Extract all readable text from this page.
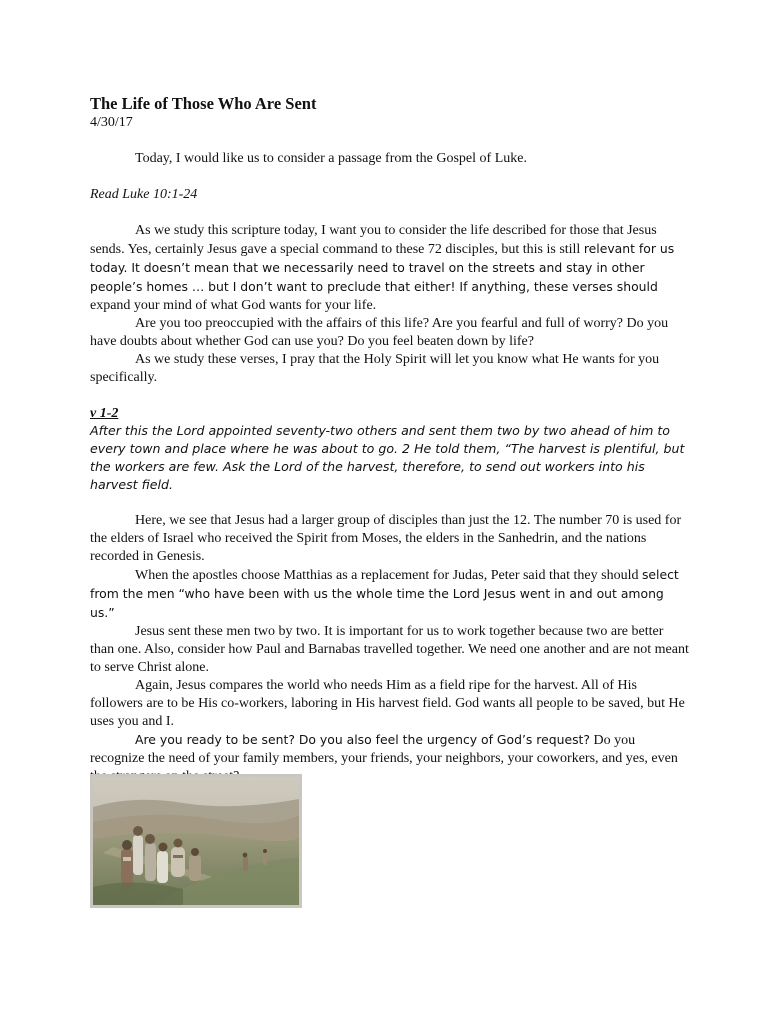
The Life of Those Who Are Sent

4/30/17

Today, I would like us to consider a passage from the Gospel of Luke.

Read Luke 10:1-24

As we study this scripture today, I want you to consider the life described for those that Jesus sends. Yes, certainly Jesus gave a special command to these 72 disciples, but this is still relevant for us today. It doesn’t mean that we necessarily need to travel on the streets and stay in other people’s homes … but I don’t want to preclude that either! If anything, these verses should expand your mind of what God wants for your life.

Are you too preoccupied with the affairs of this life? Are you fearful and full of worry? Do you have doubts about whether God can use you? Do you feel beaten down by life?

As we study these verses, I pray that the Holy Spirit will let you know what He wants for you specifically.

v 1-2

After this the Lord appointed seventy-two others and sent them two by two ahead of him to every town and place where he was about to go. 2 He told them, “The harvest is plentiful, but the workers are few. Ask the Lord of the harvest, therefore, to send out workers into his harvest field.

Here, we see that Jesus had a larger group of disciples than just the 12. The number 70 is used for the elders of Israel who received the Spirit from Moses, the elders in the Sanhedrin, and the nations recorded in Genesis.

When the apostles choose Matthias as a replacement for Judas, Peter said that they should select from the men “who have been with us the whole time the Lord Jesus went in and out among us.”

Jesus sent these men two by two. It is important for us to work together because two are better than one. Also, consider how Paul and Barnabas travelled together. We need one another and are not meant to serve Christ alone.

Again, Jesus compares the world who needs Him as a field ripe for the harvest. All of His followers are to be His co-workers, laboring in His harvest field. God wants all people to be saved, but He uses you and I.

Are you ready to be sent? Do you also feel the urgency of God’s request? Do you recognize the need of your family members, your friends, your neighbors, your coworkers, and yes, even
